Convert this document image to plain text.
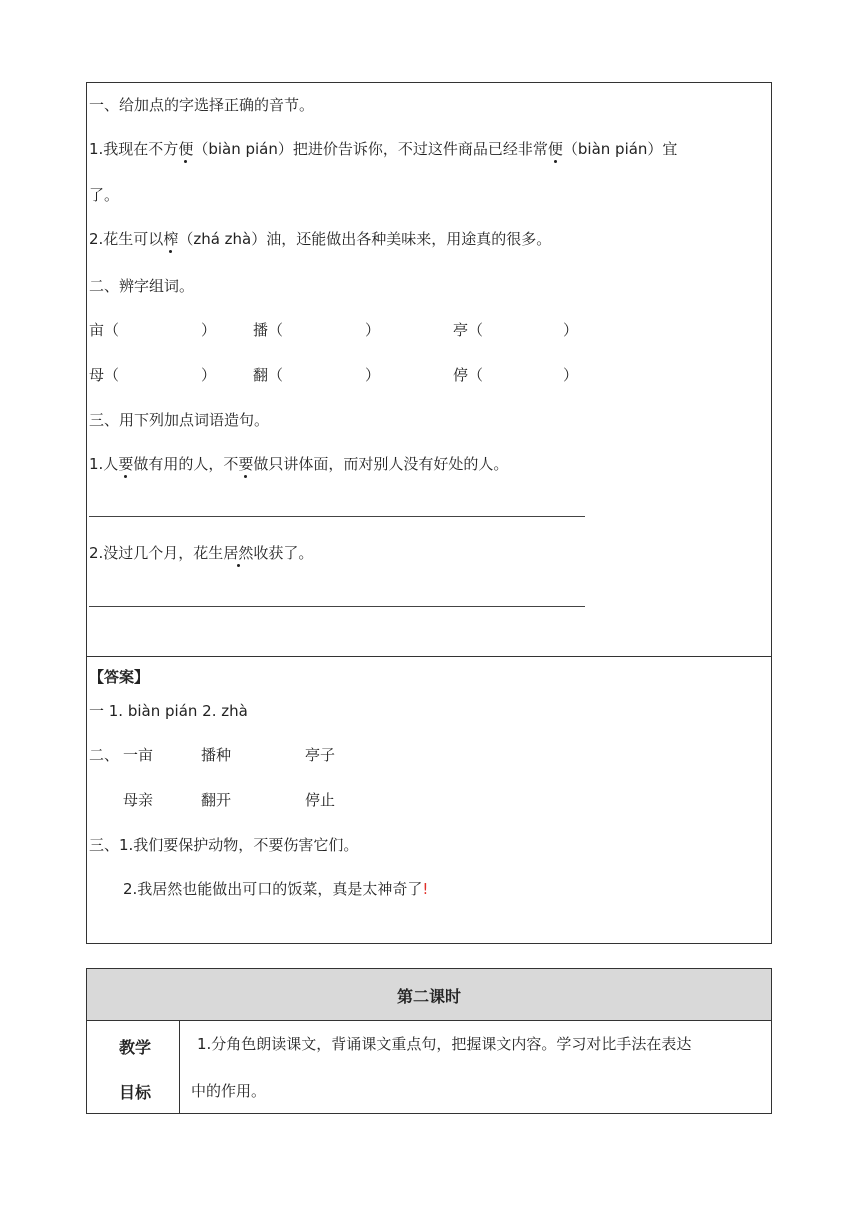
一、给加点的字选择正确的音节。
1.我现在不方便（biàn pián）把进价告诉你，不过这件商品已经非常便（biàn pián）宜
了。
2.花生可以榨（zhá zhà）油，还能做出各种美味来，用途真的很多。
二、辨字组词。
亩（	） 播（	）	亭（	）
母（	） 翻（	）	停（	）
三、用下列加点词语造句。
1.人要做有用的人，不要做只讲体面，而对别人没有好处的人。
2.没过几个月，花生居然收获了。
【答案】
一 1. biàn pián 2. zhà
二、 一亩	播种	亭子
母亲	翻开	停止
三、1.我们要保护动物，不要伤害它们。
2.我居然也能做出可口的饭菜，真是太神奇了!
第二课时
教学
目标
1.分角色朗读课文，背诵课文重点句，把握课文内容。学习对比手法在表达
中的作用。
